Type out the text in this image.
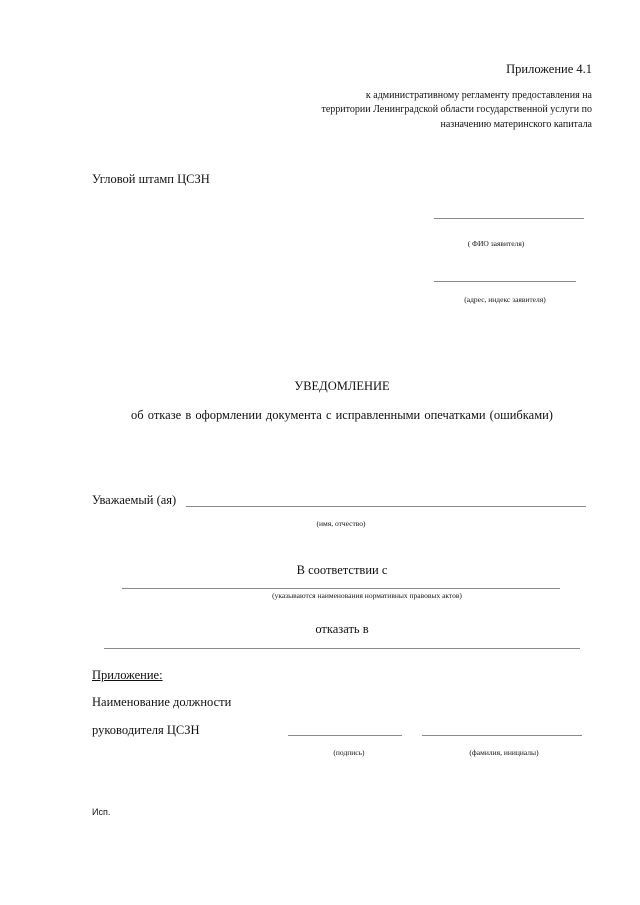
Приложение 4.1
к административному регламенту предоставления на
территории Ленинградской области государственной услуги по
назначению материнского капитала
Угловой штамп ЦСЗН
( ФИО заявителя)
(адрес, индекс заявителя)
УВЕДОМЛЕНИЕ
об отказе в оформлении документа с исправленными опечатками (ошибками)
Уважаемый (ая)
(имя, отчество)
В соответствии с
(указываются наименования нормативных правовых актов)
отказать в
Приложение:
Наименование должности
руководителя ЦСЗН
(подпись)	(фамилия, инициалы)
Исп.
